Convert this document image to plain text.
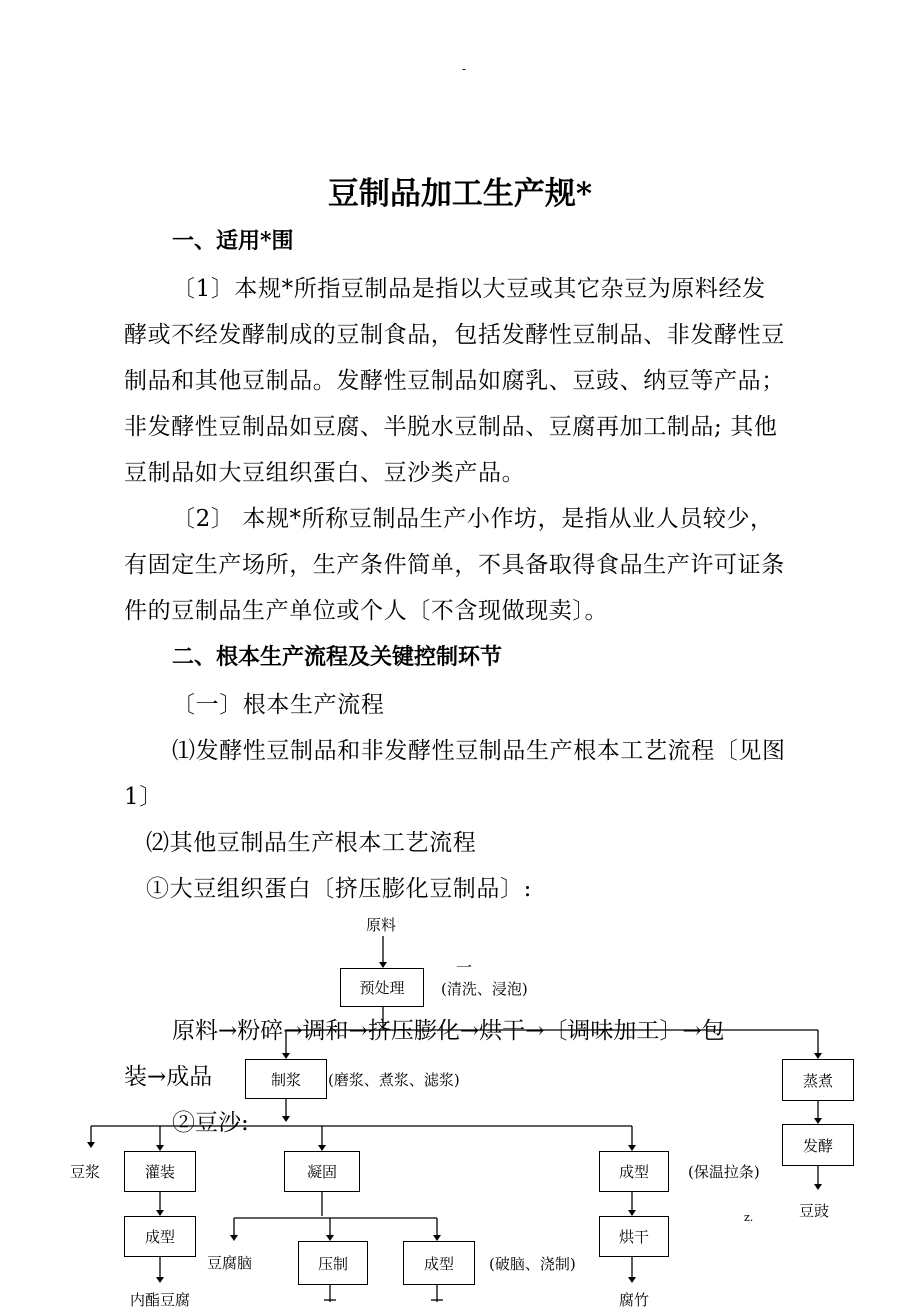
-
豆制品加工生产规*
一、适用*围
〔1〕本规*所指豆制品是指以大豆或其它杂豆为原料经发
酵或不经发酵制成的豆制食品，包括发酵性豆制品、非发酵性豆
制品和其他豆制品。发酵性豆制品如腐乳、豆豉、纳豆等产品；
非发酵性豆制品如豆腐、半脱水豆制品、豆腐再加工制品; 其他
豆制品如大豆组织蛋白、豆沙类产品。
〔2〕 本规*所称豆制品生产小作坊，是指从业人员较少，
有固定生产场所，生产条件简单，不具备取得食品生产许可证条
件的豆制品生产单位或个人〔不含现做现卖〕。
二、根本生产流程及关键控制环节
〔一〕根本生产流程
⑴发酵性豆制品和非发酵性豆制品生产根本工艺流程〔见图
1〕
⑵其他豆制品生产根本工艺流程
①大豆组织蛋白〔挤压膨化豆制品〕:
原料
预处理
一
(清洗、浸泡)
原料→粉碎→调和→挤压膨化→烘干→〔调味加工〕→包
装→成品	制浆	(磨浆、煮浆、滤浆)	蒸煮
②豆沙:
发酵
豆豉
豆浆	灌装	凝固	成型	(保温拉条)
成型	烘干
z.
豆腐脑	压制	成型	(破脑、浇制)
内酯豆腐	腐竹
